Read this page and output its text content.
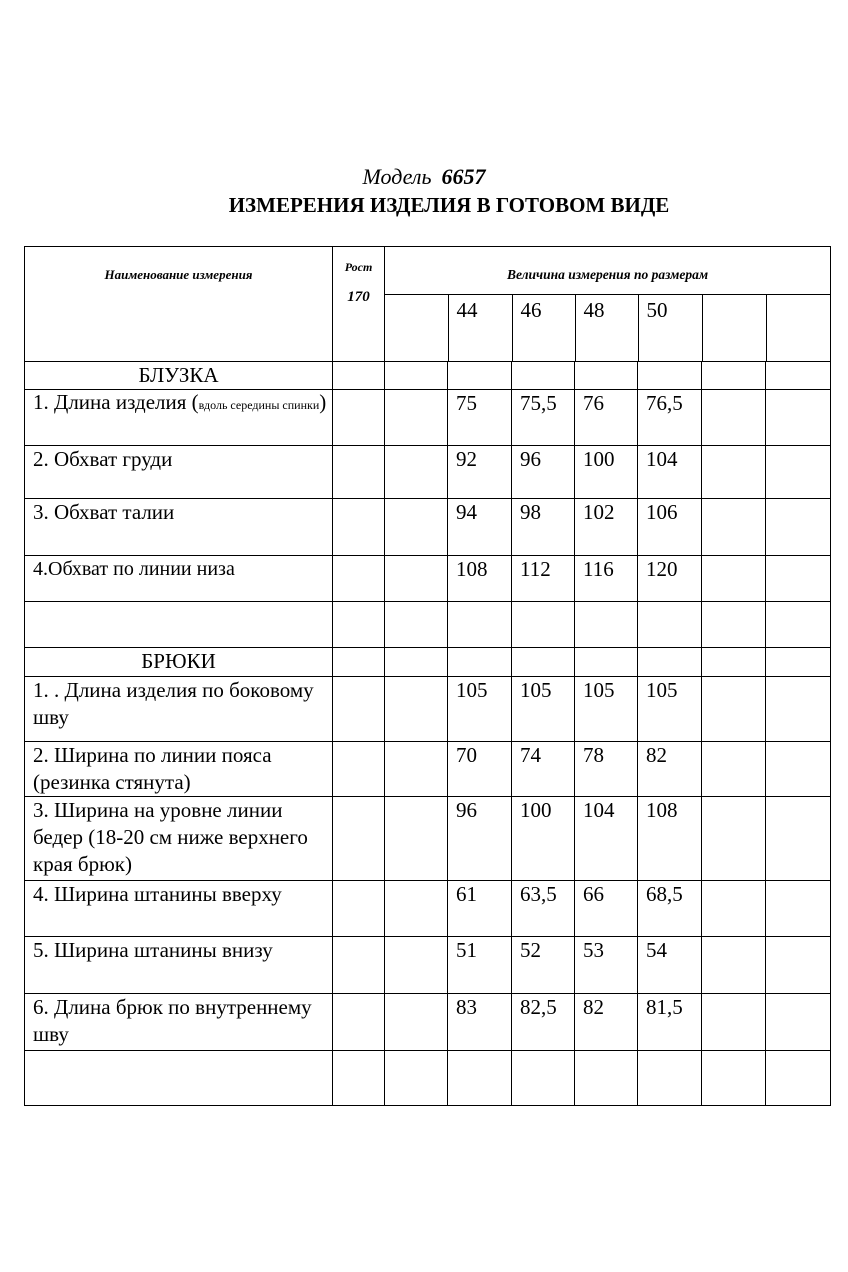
Модель 6657
ИЗМЕРЕНИЯ ИЗДЕЛИЯ В ГОТОВОМ ВИДЕ
Наименование измерения	Рост
170

Величина измерения по размерам
	44	46	48	50		

БЛУЗКА								
1. Длина изделия (вдоль середины спинки)			75	75,5	76	76,5		
2. Обхват груди			92	96	100	104		
3. Обхват талии			94	98	102	106		
4.Обхват по линии низа			108	112	116	120		

БРЮКИ								
1. . Длина изделия по боковому шву			105	105	105	105		
2. Ширина по линии пояса (резинка стянута)			70	74	78	82		
3. Ширина на уровне линии бедер (18-20 см ниже верхнего края брюк)			96	100	104	108		
4. Ширина штанины вверху			61	63,5	66	68,5		
5. Ширина штанины внизу			51	52	53	54		
6. Длина брюк по внутреннему шву			83	82,5	82	81,5		
